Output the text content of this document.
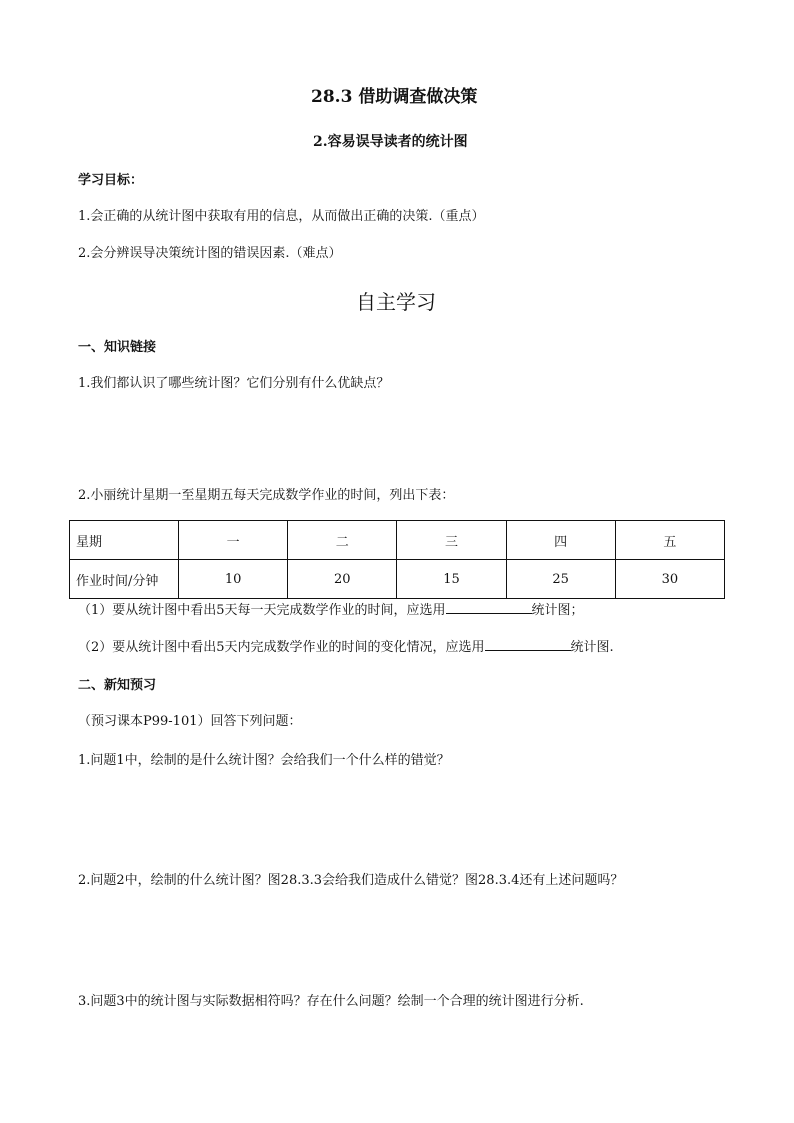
28.3 借助调查做决策
2.容易误导读者的统计图
学习目标：
1.会正确的从统计图中获取有用的信息，从而做出正确的决策.（重点）
2.会分辨误导决策统计图的错误因素.（难点）
自主学习
一、知识链接
1.我们都认识了哪些统计图？它们分别有什么优缺点？
2.小丽统计星期一至星期五每天完成数学作业的时间，列出下表：
星期	一	二	三	四	五
作业时间/分钟	10	20	15	25	30
（1）要从统计图中看出5天每一天完成数学作业的时间，应选用	统计图；
（2）要从统计图中看出5天内完成数学作业的时间的变化情况，应选用	统计图.
二、新知预习
（预习课本P99-101）回答下列问题：
1.问题1中，绘制的是什么统计图？会给我们一个什么样的错觉？
2.问题2中，绘制的什么统计图？图28.3.3会给我们造成什么错觉？图28.3.4还有上述问题吗？
3.问题3中的统计图与实际数据相符吗？存在什么问题？绘制一个合理的统计图进行分析.
